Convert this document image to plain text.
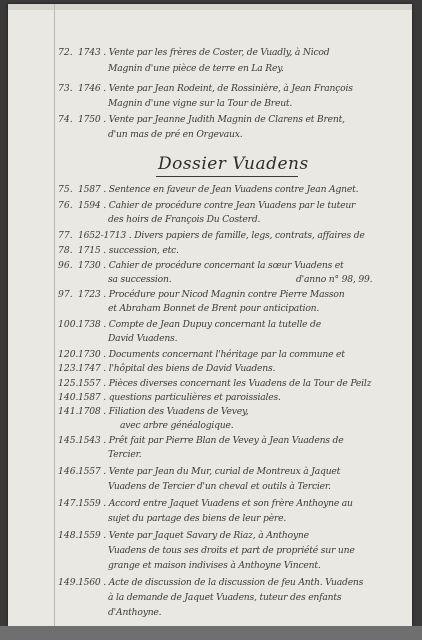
72. 1743 . Vente par les frères de Coster, de Vuadly, à Nicod
Magnin d'une pièce de terre en La Rey.
73. 1746 . Vente par Jean Rodeint, de Rossinière, à Jean François
Magnin d'une vigne sur la Tour de Breut.
74. 1750 . Vente par Jeanne Judith Magnin de Clarens et Brent,
d'un mas de pré en Orgevaux.
Dossier Vuadens
75. 1587 . Sentence en faveur de Jean Vuadens contre Jean Agnet.
76. 1594 . Cahier de procédure contre Jean Vuadens par le tuteur
des hoirs de François Du Costerd.
77. 1652-1713 . Divers papiers de famille, legs, contrats, affaires de
78. 1715 . succession, etc.
96. 1730 . Cahier de procédure concernant la sœur Vuadens et
sa succession.	d'anno n° 98, 99.
97. 1723 . Procédure pour Nicod Magnin contre Pierre Masson
et Abraham Bonnet de Brent pour anticipation.
100. 1738 . Compte de Jean Dupuy concernant la tutelle de
David Vuadens.
120. 1730 . Documents concernant l'héritage par la commune et
123. 1747 . l'hôpital des biens de David Vuadens.
125. 1557 . Pièces diverses concernant les Vuadens de la Tour de Peilz
140. 1587 . questions particulières et paroissiales.
141. 1708 . Filiation des Vuadens de Vevey,
avec arbre généalogique.
145. 1543 . Prêt fait par Pierre Blan de Vevey à Jean Vuadens de
Tercier.
146. 1557 . Vente par Jean du Mur, curial de Montreux à Jaquet
Vuadens de Tercier d'un cheval et outils à Tercier.
147. 1559 . Accord entre Jaquet Vuadens et son frère Anthoyne au
sujet du partage des biens de leur père.
148. 1559 . Vente par Jaquet Savary de Riaz, à Anthoyne
Vuadens de tous ses droits et part de propriété sur une
grange et maison indivises à Anthoyne Vincent.
149. 1560 . Acte de discussion de la discussion de feu Anth. Vuadens
à la demande de Jaquet Vuadens, tuteur des enfants
d'Anthoyne.
